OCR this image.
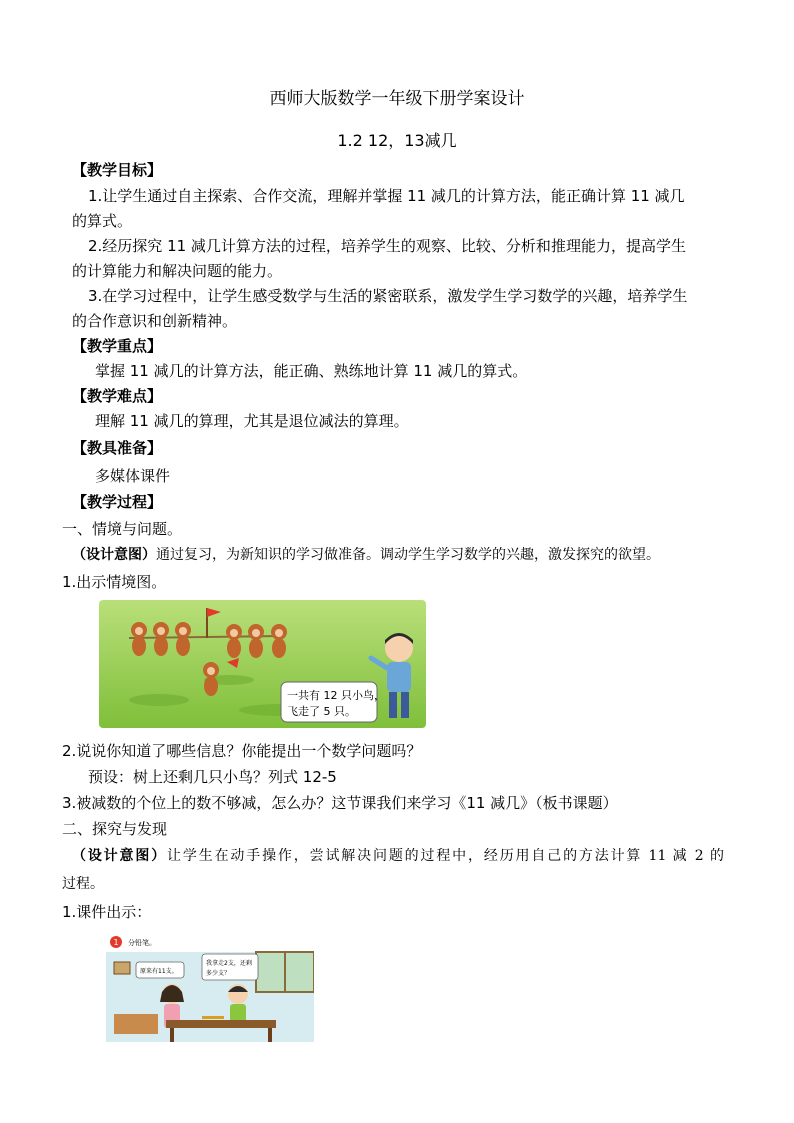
西师大版数学一年级下册学案设计
1.2 12，13减几
【教学目标】
1.让学生通过自主探索、合作交流，理解并掌握 11 减几的计算方法，能正确计算 11 减几
的算式。
2.经历探究 11 减几计算方法的过程，培养学生的观察、比较、分析和推理能力，提高学生
的计算能力和解决问题的能力。
3.在学习过程中，让学生感受数学与生活的紧密联系，激发学生学习数学的兴趣，培养学生
的合作意识和创新精神。
【教学重点】
掌握 11 减几的计算方法，能正确、熟练地计算 11 减几的算式。
【教学难点】
理解 11 减几的算理，尤其是退位减法的算理。
【教具准备】
多媒体课件
【教学过程】
一、情境与问题。
（设计意图）通过复习，为新知识的学习做准备。调动学生学习数学的兴趣，激发探究的欲望。
1.出示情境图。
一共有 12 只小鸟，
飞走了 5 只。
2.说说你知道了哪些信息？你能提出一个数学问题吗？
预设：树上还剩几只小鸟？列式 12-5
3.被减数的个位上的数不够减，怎么办？这节课我们来学习《11 减几》（板书课题）
二、探究与发现
（设计意图）让学生在动手操作，尝试解决问题的过程中，经历用自己的方法计算 11 减 2 的
过程。
1.课件出示：
1 分铅笔。
原来有11支。
我拿走2支，还剩
多少支？
